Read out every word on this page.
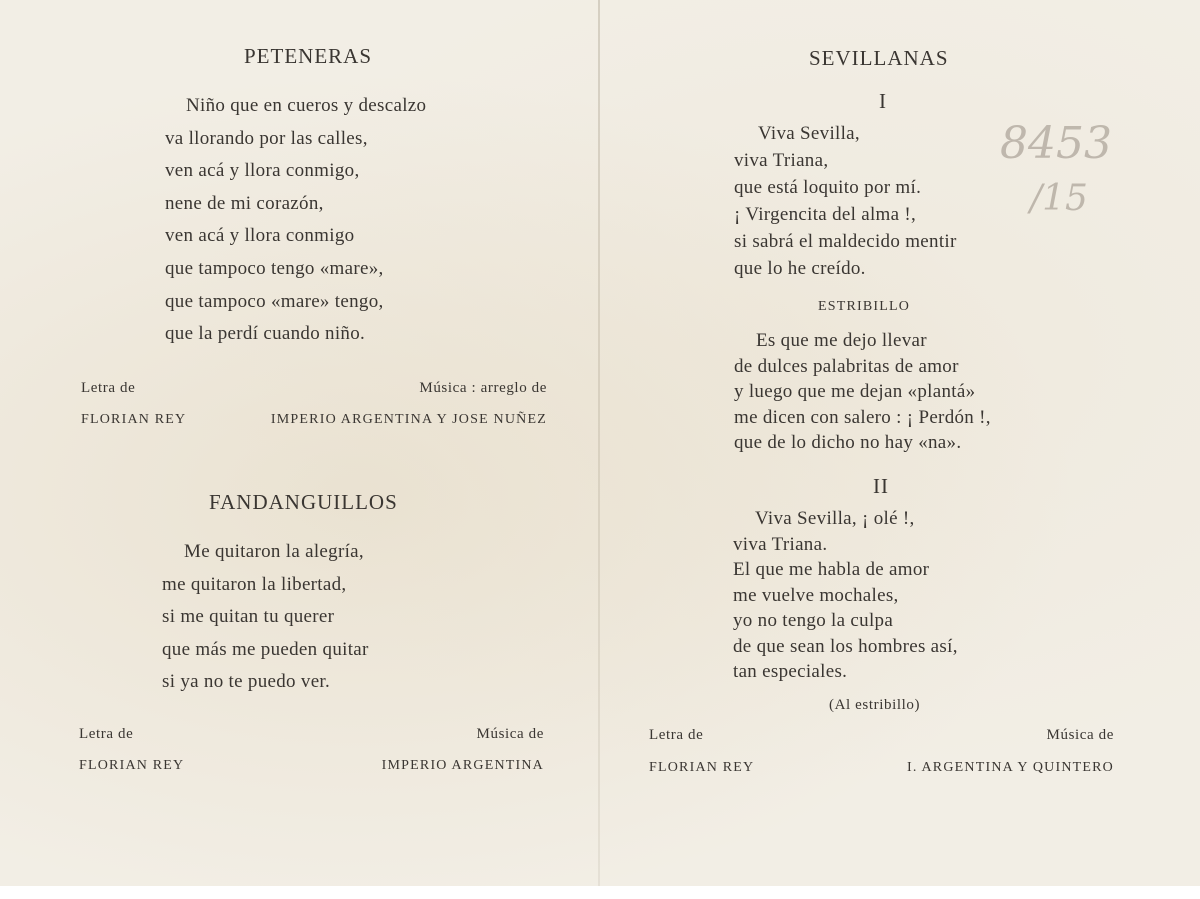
PETENERAS
Niño que en cueros y descalzo
va llorando por las calles,
ven acá y llora conmigo,
nene de mi corazón,
ven acá y llora conmigo
que tampoco tengo «mare»,
que tampoco «mare» tengo,
que la perdí cuando niño.
Letra de	Música : arreglo de
FLORIAN REY	IMPERIO ARGENTINA Y JOSE NUÑEZ
FANDANGUILLOS
Me quitaron la alegría,
me quitaron la libertad,
si me quitan tu querer
que más me pueden quitar
si ya no te puedo ver.
Letra de	Música de
FLORIAN REY	IMPERIO ARGENTINA
SEVILLANAS
I
Viva Sevilla,
viva Triana,
que está loquito por mí.
¡ Virgencita del alma !,
si sabrá el maldecido mentir
que lo he creído.
ESTRIBILLO
Es que me dejo llevar
de dulces palabritas de amor
y luego que me dejan «plantá»
me dicen con salero : ¡ Perdón !,
que de lo dicho no hay «na».
II
Viva Sevilla, ¡ olé !,
viva Triana.
El que me habla de amor
me vuelve mochales,
yo no tengo la culpa
de que sean los hombres así,
tan especiales.
(Al estribillo)
Letra de	Música de
FLORIAN REY	I. ARGENTINA Y QUINTERO
8453
/15
